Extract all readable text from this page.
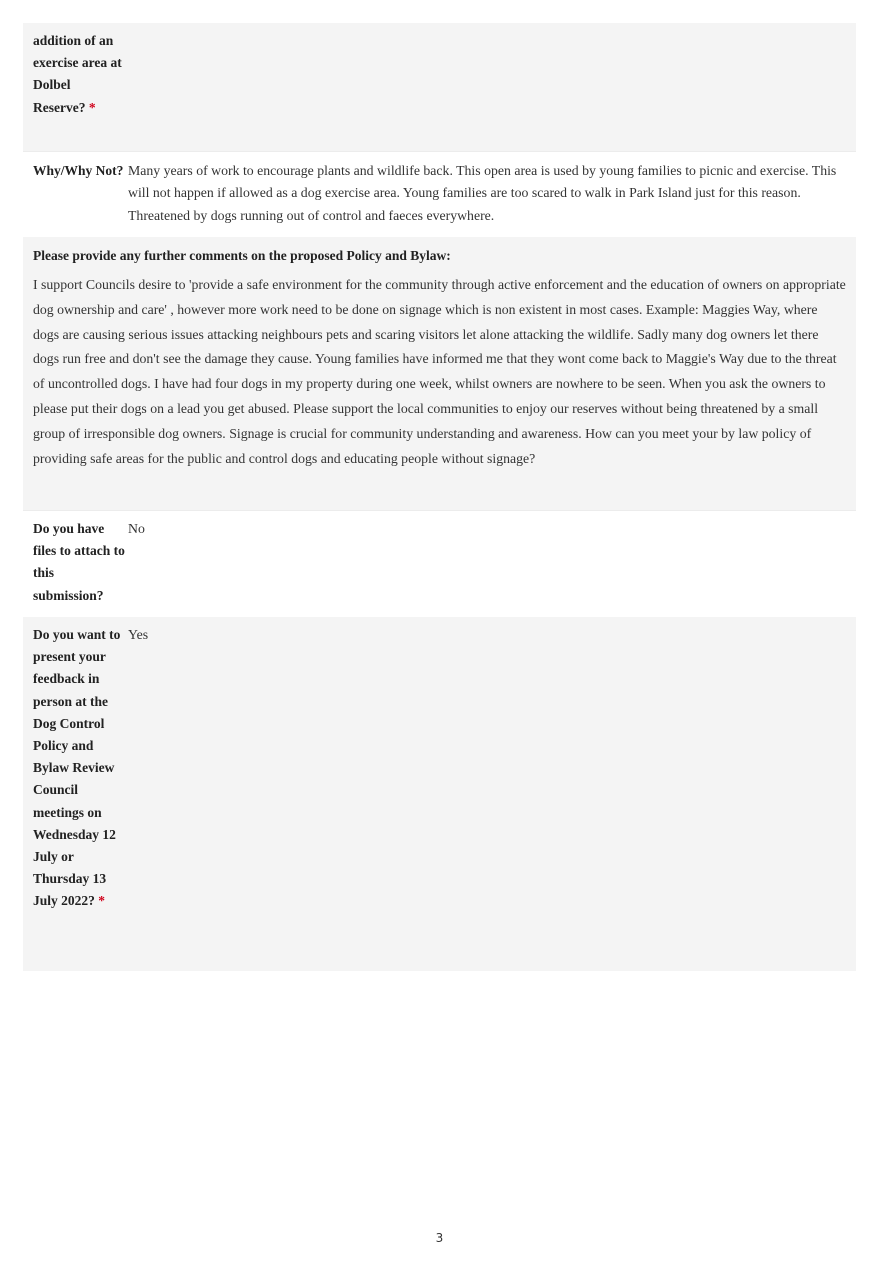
addition of an exercise area at Dolbel Reserve? *
Why/Why Not? Many years of work to encourage plants and wildlife back. This open area is used by young families to picnic and exercise. This will not happen if allowed as a dog exercise area. Young families are too scared to walk in Park Island just for this reason. Threatened by dogs running out of control and faeces everywhere.
Please provide any further comments on the proposed Policy and Bylaw:
I support Councils desire to 'provide a safe environment for the community through active enforcement and the education of owners on appropriate dog ownership and care' , however more work need to be done on signage which is non existent in most cases. Example: Maggies Way, where dogs are causing serious issues attacking neighbours pets and scaring visitors let alone attacking the wildlife. Sadly many dog owners let there dogs run free and don't see the damage they cause. Young families have informed me that they wont come back to Maggie's Way due to the threat of uncontrolled dogs. I have had four dogs in my property during one week, whilst owners are nowhere to be seen. When you ask the owners to please put their dogs on a lead you get abused. Please support the local communities to enjoy our reserves without being threatened by a small group of irresponsible dog owners. Signage is crucial for community understanding and awareness. How can you meet your by law policy of providing safe areas for the public and control dogs and educating people without signage?
Do you have files to attach to this submission?
No
Do you want to present your feedback in person at the Dog Control Policy and Bylaw Review Council meetings on Wednesday 12 July or Thursday 13 July 2022? *
Yes
3
